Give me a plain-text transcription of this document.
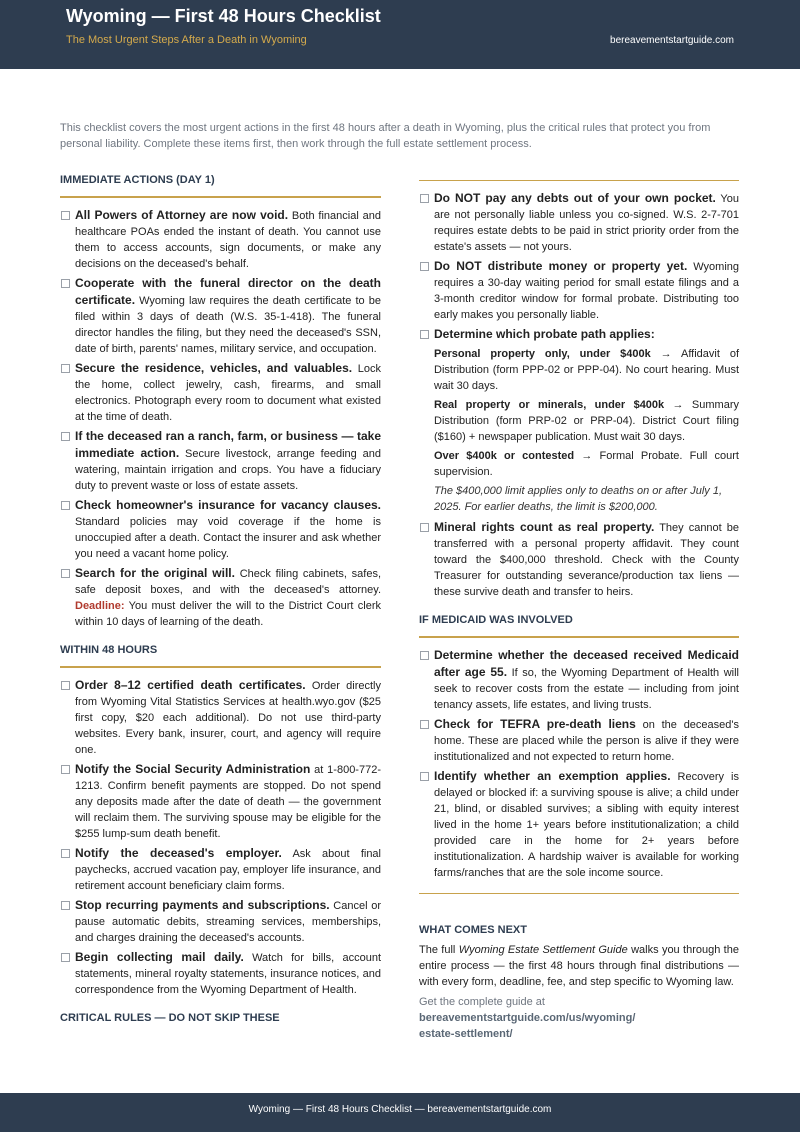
Wyoming — First 48 Hours Checklist
The Most Urgent Steps After a Death in Wyoming	bereavementstartguide.com
This checklist covers the most urgent actions in the first 48 hours after a death in Wyoming, plus the critical rules that protect you from personal liability. Complete these items first, then work through the full estate settlement process.
IMMEDIATE ACTIONS (DAY 1)
All Powers of Attorney are now void. Both financial and healthcare POAs ended the instant of death. You cannot use them to access accounts, sign documents, or make any decisions on the deceased's behalf.
Cooperate with the funeral director on the death certificate. Wyoming law requires the death certificate to be filed within 3 days of death (W.S. 35-1-418). The funeral director handles the filing, but they need the deceased's SSN, date of birth, parents' names, military service, and occupation.
Secure the residence, vehicles, and valuables. Lock the home, collect jewelry, cash, firearms, and small electronics. Photograph every room to document what existed at the time of death.
If the deceased ran a ranch, farm, or business — take immediate action. Secure livestock, arrange feeding and watering, maintain irrigation and crops. You have a fiduciary duty to prevent waste or loss of estate assets.
Check homeowner's insurance for vacancy clauses. Standard policies may void coverage if the home is unoccupied after a death. Contact the insurer and ask whether you need a vacant home policy.
Search for the original will. Check filing cabinets, safes, safe deposit boxes, and with the deceased's attorney. Deadline: You must deliver the will to the District Court clerk within 10 days of learning of the death.
WITHIN 48 HOURS
Order 8–12 certified death certificates. Order directly from Wyoming Vital Statistics Services at health.wyo.gov ($25 first copy, $20 each additional). Do not use third-party websites. Every bank, insurer, court, and agency will require one.
Notify the Social Security Administration at 1-800-772-1213. Confirm benefit payments are stopped. Do not spend any deposits made after the date of death — the government will reclaim them. The surviving spouse may be eligible for the $255 lump-sum death benefit.
Notify the deceased's employer. Ask about final paychecks, accrued vacation pay, employer life insurance, and retirement account beneficiary claim forms.
Stop recurring payments and subscriptions. Cancel or pause automatic debits, streaming services, memberships, and charges draining the deceased's accounts.
Begin collecting mail daily. Watch for bills, account statements, mineral royalty statements, insurance notices, and correspondence from the Wyoming Department of Health.
CRITICAL RULES — DO NOT SKIP THESE
Do NOT pay any debts out of your own pocket. You are not personally liable unless you co-signed. W.S. 2-7-701 requires estate debts to be paid in strict priority order from the estate's assets — not yours.
Do NOT distribute money or property yet. Wyoming requires a 30-day waiting period for small estate filings and a 3-month creditor window for formal probate. Distributing too early makes you personally liable.
Determine which probate path applies:
Personal property only, under $400k → Affidavit of Distribution (form PPP-02 or PPP-04). No court hearing. Must wait 30 days.
Real property or minerals, under $400k → Summary Distribution (form PRP-02 or PRP-04). District Court filing ($160) + newspaper publication. Must wait 30 days.
Over $400k or contested → Formal Probate. Full court supervision.
The $400,000 limit applies only to deaths on or after July 1, 2025. For earlier deaths, the limit is $200,000.
Mineral rights count as real property. They cannot be transferred with a personal property affidavit. They count toward the $400,000 threshold. Check with the County Treasurer for outstanding severance/production tax liens — these survive death and transfer to heirs.
IF MEDICAID WAS INVOLVED
Determine whether the deceased received Medicaid after age 55. If so, the Wyoming Department of Health will seek to recover costs from the estate — including from joint tenancy assets, life estates, and living trusts.
Check for TEFRA pre-death liens on the deceased's home. These are placed while the person is alive if they were institutionalized and not expected to return home.
Identify whether an exemption applies. Recovery is delayed or blocked if: a surviving spouse is alive; a child under 21, blind, or disabled survives; a sibling with equity interest lived in the home 1+ years before institutionalization; a child provided care in the home for 2+ years before institutionalization. A hardship waiver is available for working farms/ranches that are the sole income source.
WHAT COMES NEXT
The full Wyoming Estate Settlement Guide walks you through the entire process — the first 48 hours through final distributions — with every form, deadline, fee, and step specific to Wyoming law.
Get the complete guide at
bereavementstartguide.com/us/wyoming/
estate-settlement/
Wyoming — First 48 Hours Checklist — bereavementstartguide.com
